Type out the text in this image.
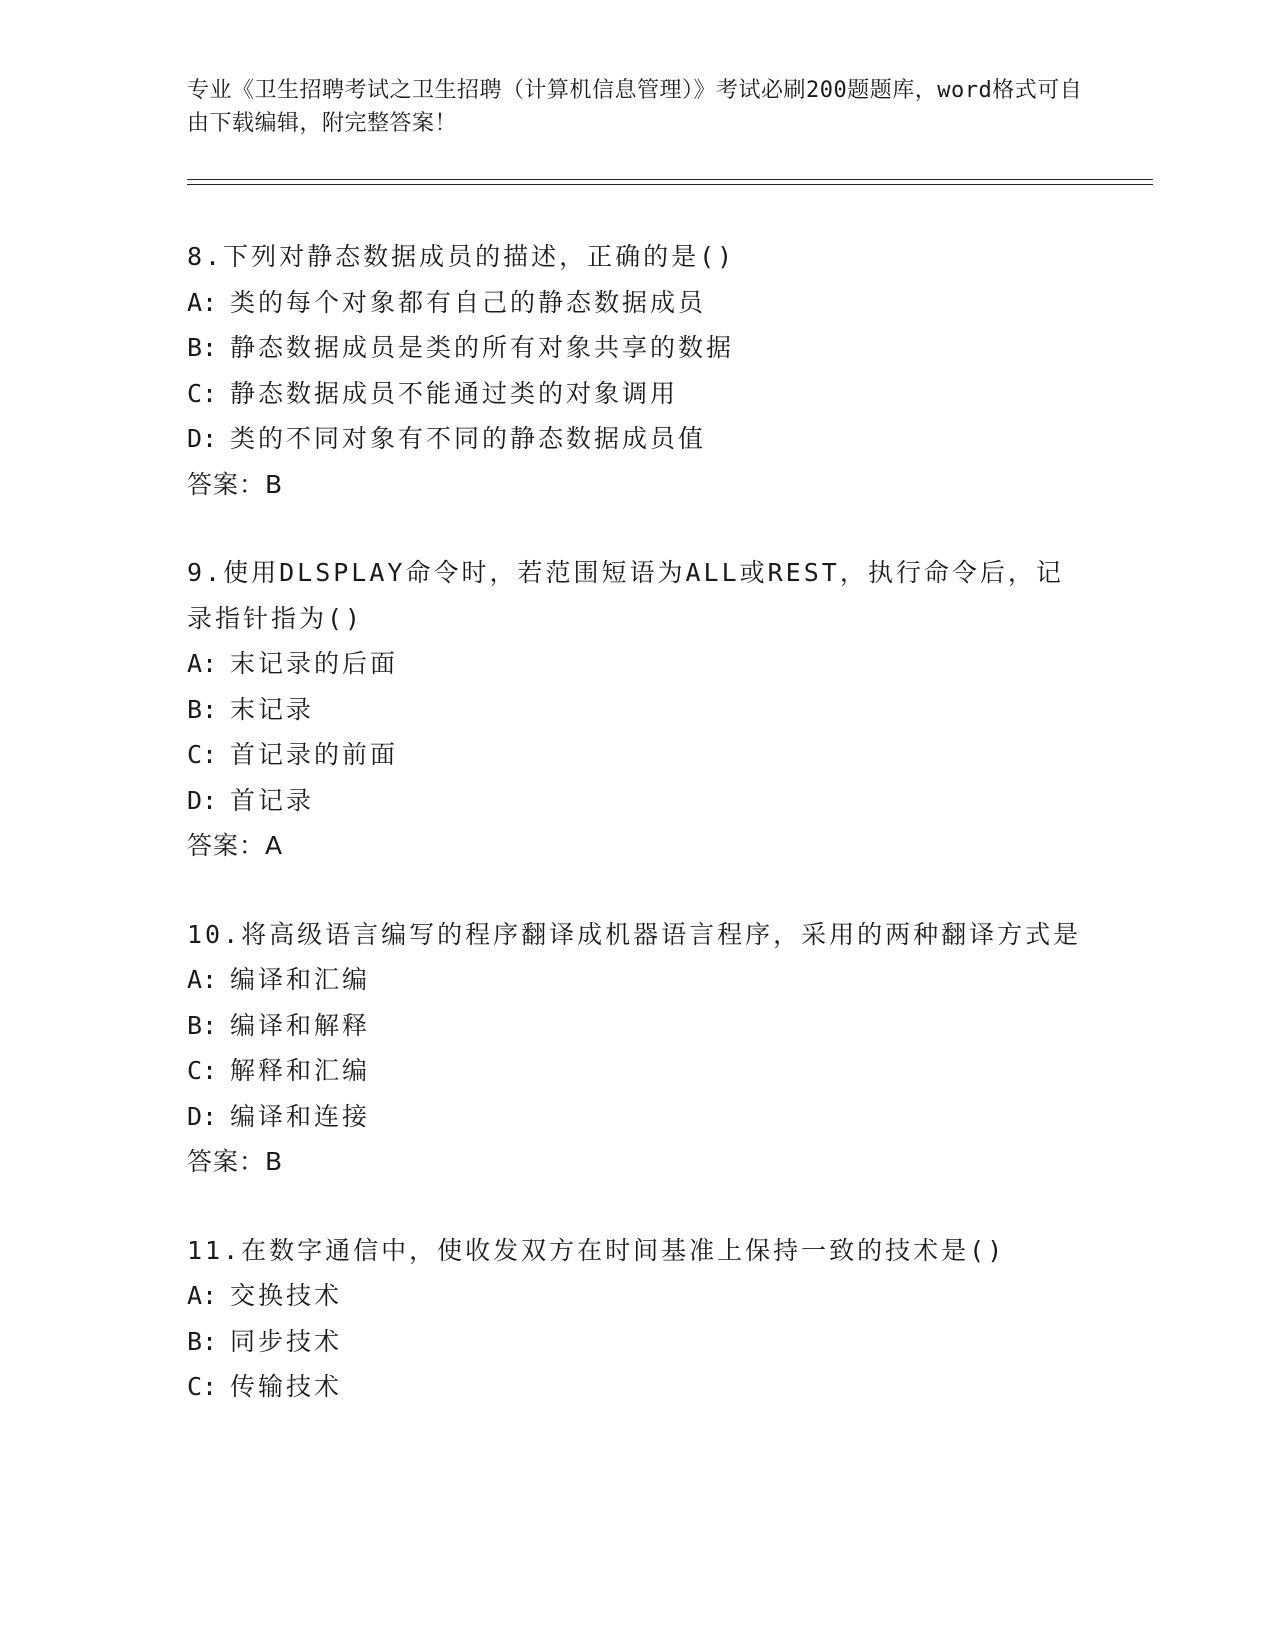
专业《卫生招聘考试之卫生招聘（计算机信息管理）》考试必刷200题题库，word格式可自由下载编辑，附完整答案！
8.下列对静态数据成员的描述，正确的是()
A: 类的每个对象都有自己的静态数据成员
B: 静态数据成员是类的所有对象共享的数据
C: 静态数据成员不能通过类的对象调用
D: 类的不同对象有不同的静态数据成员值
答案：B
9.使用DLSPLAY命令时，若范围短语为ALL或REST，执行命令后，记录指针指为()
A: 末记录的后面
B: 末记录
C: 首记录的前面
D: 首记录
答案：A
10.将高级语言编写的程序翻译成机器语言程序，采用的两种翻译方式是
A: 编译和汇编
B: 编译和解释
C: 解释和汇编
D: 编译和连接
答案：B
11.在数字通信中，使收发双方在时间基准上保持一致的技术是()
A: 交换技术
B: 同步技术
C: 传输技术
